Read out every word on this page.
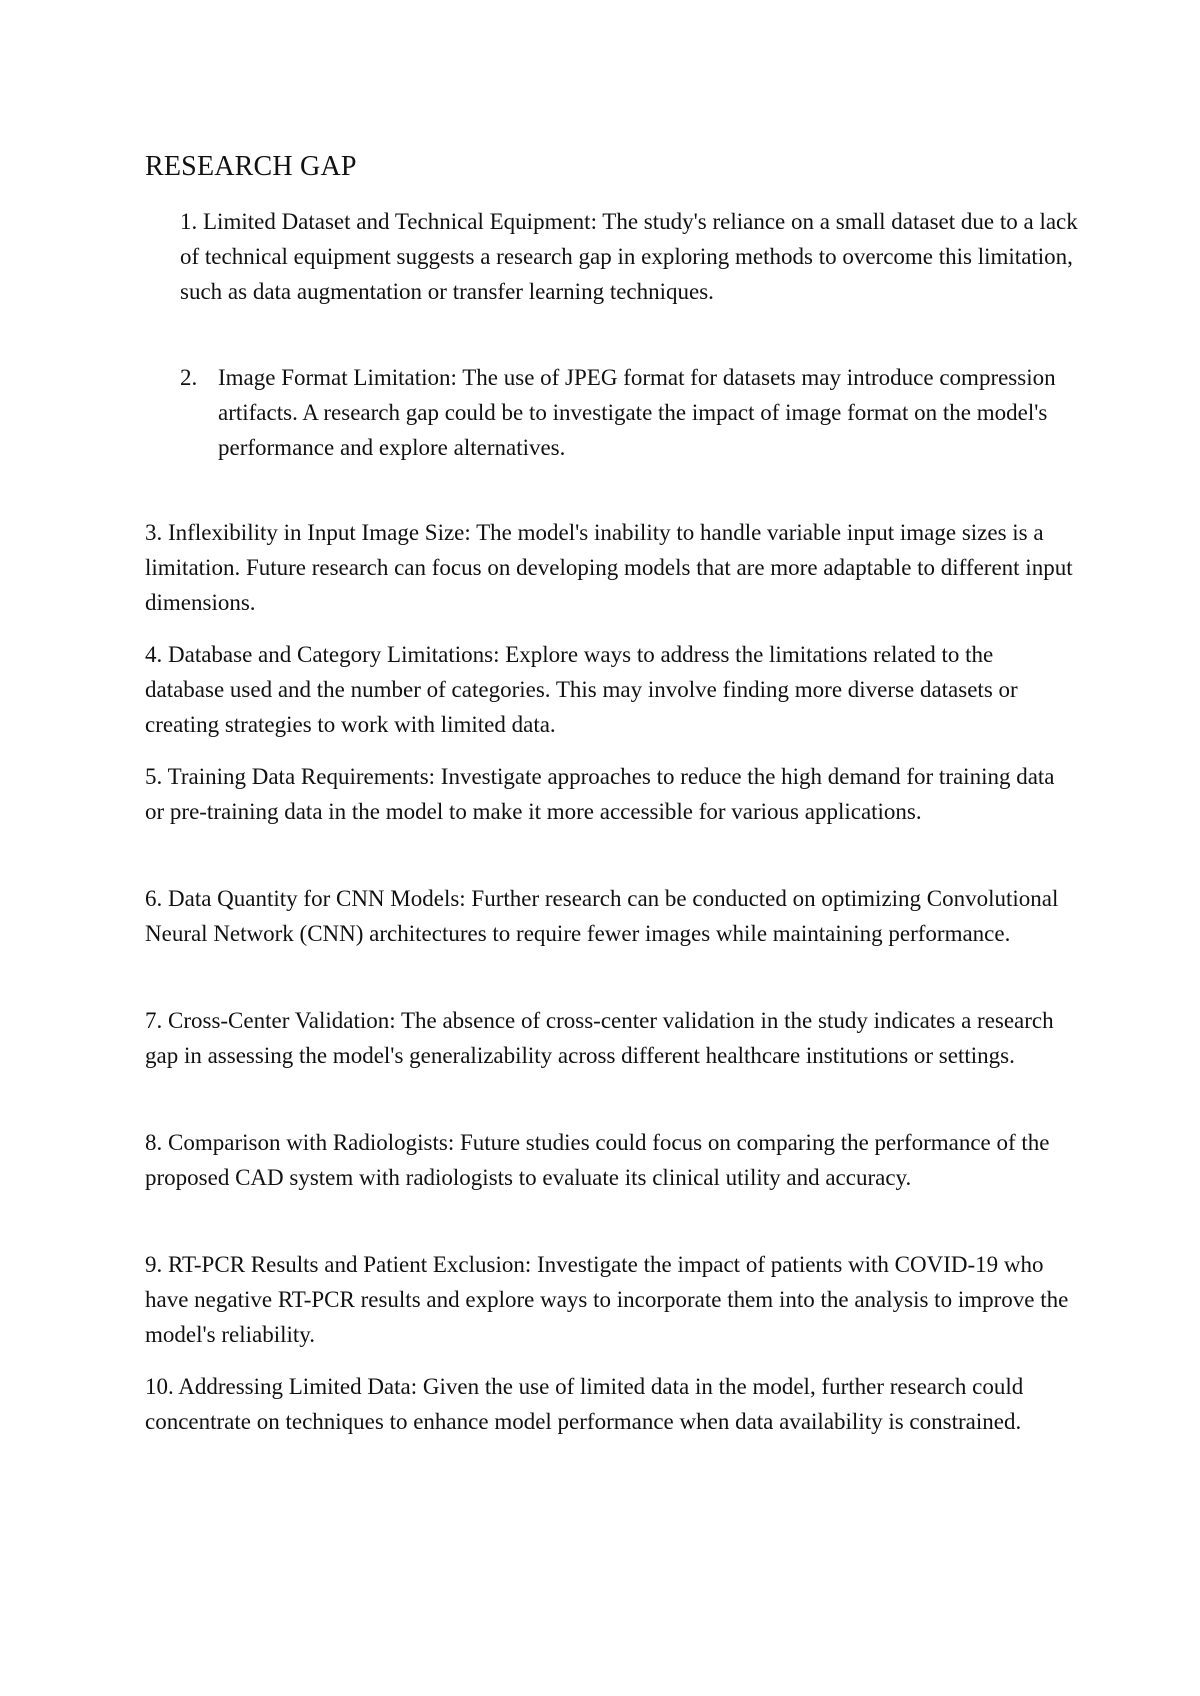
RESEARCH GAP

1. Limited Dataset and Technical Equipment: The study's reliance on a small dataset due to a lack of technical equipment suggests a research gap in exploring methods to overcome this limitation, such as data augmentation or transfer learning techniques.

2. Image Format Limitation: The use of JPEG format for datasets may introduce compression artifacts. A research gap could be to investigate the impact of image format on the model's performance and explore alternatives.

3. Inflexibility in Input Image Size: The model's inability to handle variable input image sizes is a limitation. Future research can focus on developing models that are more adaptable to different input dimensions.

4. Database and Category Limitations: Explore ways to address the limitations related to the database used and the number of categories. This may involve finding more diverse datasets or creating strategies to work with limited data.

5. Training Data Requirements: Investigate approaches to reduce the high demand for training data or pre-training data in the model to make it more accessible for various applications.

6. Data Quantity for CNN Models: Further research can be conducted on optimizing Convolutional Neural Network (CNN) architectures to require fewer images while maintaining performance.

7. Cross-Center Validation: The absence of cross-center validation in the study indicates a research gap in assessing the model's generalizability across different healthcare institutions or settings.

8. Comparison with Radiologists: Future studies could focus on comparing the performance of the proposed CAD system with radiologists to evaluate its clinical utility and accuracy.

9. RT-PCR Results and Patient Exclusion: Investigate the impact of patients with COVID-19 who have negative RT-PCR results and explore ways to incorporate them into the analysis to improve the model's reliability.

10. Addressing Limited Data: Given the use of limited data in the model, further research could concentrate on techniques to enhance model performance when data availability is constrained.
